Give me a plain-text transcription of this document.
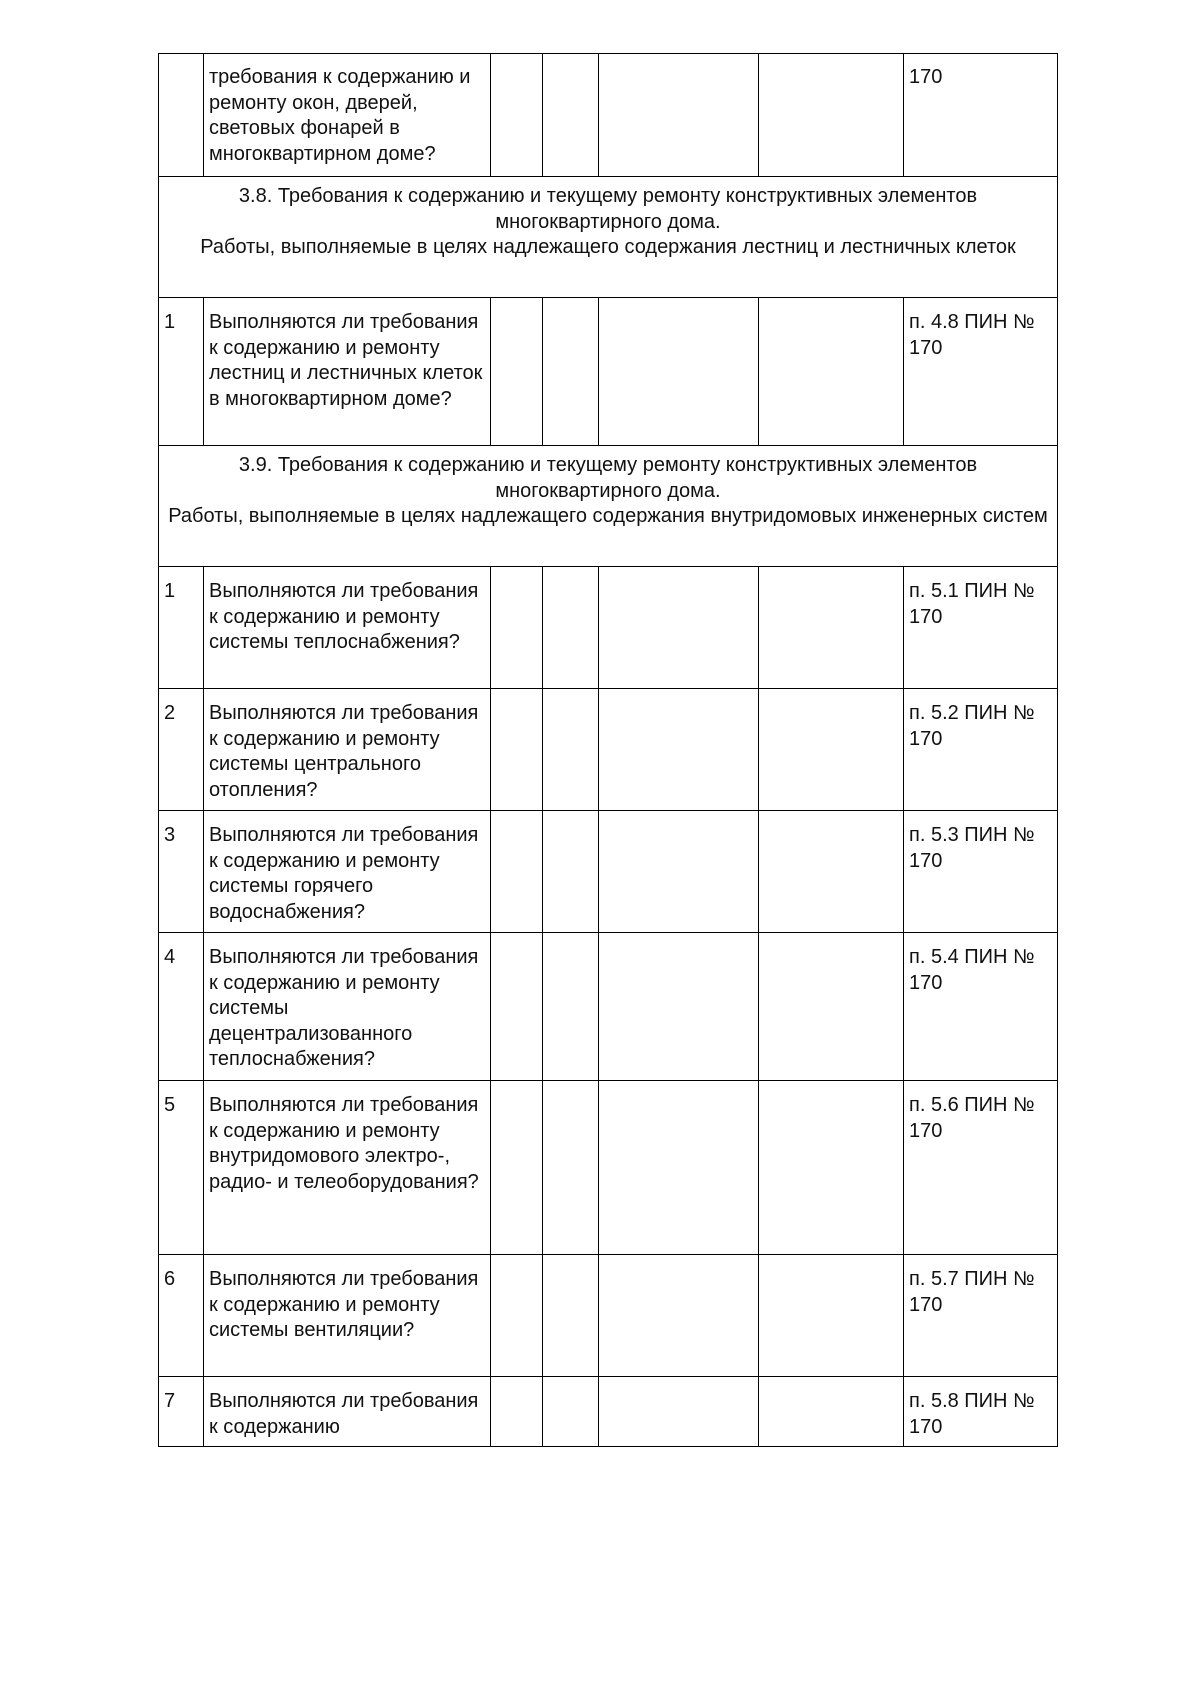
	требования к содержанию и ремонту окон, дверей, световых фонарей в многоквартирном доме?					170

3.8. Требования к содержанию и текущему ремонту конструктивных элементов многоквартирного дома.
Работы, выполняемые в целях надлежащего содержания лестниц и лестничных клеток						

1	Выполняются ли требования к содержанию и ремонту лестниц и лестничных клеток в многоквартирном доме?					п. 4.8 ПИН № 170

3.9. Требования к содержанию и текущему ремонту конструктивных элементов многоквартирного дома.
Работы, выполняемые в целях надлежащего содержания внутридомовых инженерных систем						

1	Выполняются ли требования к содержанию и ремонту системы теплоснабжения?					п. 5.1 ПИН № 170
2	Выполняются ли требования к содержанию и ремонту системы центрального отопления?					п. 5.2 ПИН № 170
3	Выполняются ли требования к содержанию и ремонту системы горячего водоснабжения?					п. 5.3 ПИН № 170
4	Выполняются ли требования к содержанию и ремонту системы децентрализованного теплоснабжения?					п. 5.4 ПИН № 170
5	Выполняются ли требования к содержанию и ремонту внутридомового электро-, радио- и телеоборудования?					п. 5.6 ПИН № 170
6	Выполняются ли требования к содержанию и ремонту системы вентиляции?					п. 5.7 ПИН № 170
7	Выполняются ли требования к содержанию					п. 5.8 ПИН № 170
